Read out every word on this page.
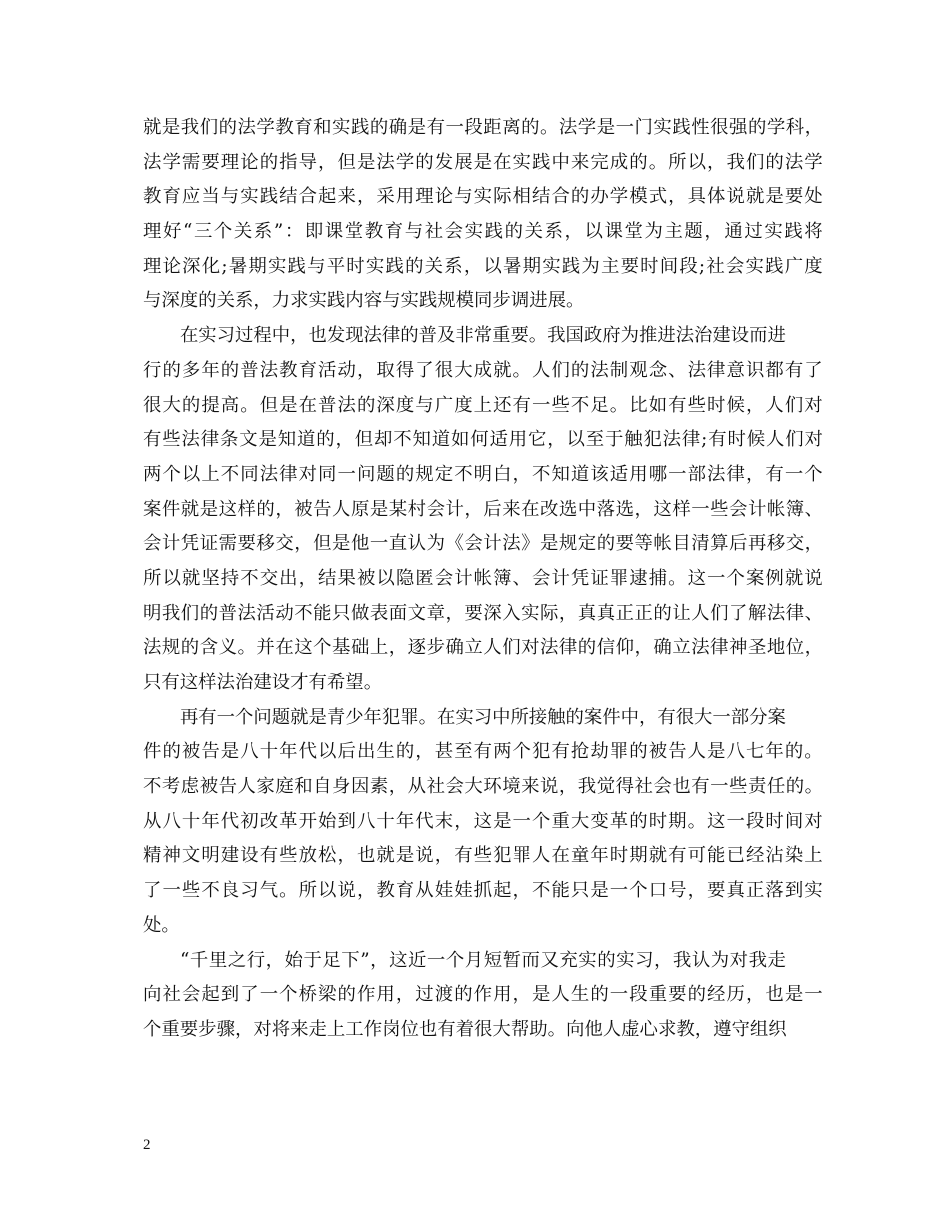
就是我们的法学教育和实践的确是有一段距离的。法学是一门实践性很强的学科，
法学需要理论的指导，但是法学的发展是在实践中来完成的。所以，我们的法学
教育应当与实践结合起来，采用理论与实际相结合的办学模式，具体说就是要处
理好“三个关系”：即课堂教育与社会实践的关系，以课堂为主题，通过实践将
理论深化;暑期实践与平时实践的关系，以暑期实践为主要时间段;社会实践广度
与深度的关系，力求实践内容与实践规模同步调进展。
在实习过程中，也发现法律的普及非常重要。我国政府为推进法治建设而进
行的多年的普法教育活动，取得了很大成就。人们的法制观念、法律意识都有了
很大的提高。但是在普法的深度与广度上还有一些不足。比如有些时候，人们对
有些法律条文是知道的，但却不知道如何适用它，以至于触犯法律;有时候人们对
两个以上不同法律对同一问题的规定不明白，不知道该适用哪一部法律，有一个
案件就是这样的，被告人原是某村会计，后来在改选中落选，这样一些会计帐簿、
会计凭证需要移交，但是他一直认为《会计法》是规定的要等帐目清算后再移交，
所以就坚持不交出，结果被以隐匿会计帐簿、会计凭证罪逮捕。这一个案例就说
明我们的普法活动不能只做表面文章，要深入实际，真真正正的让人们了解法律、
法规的含义。并在这个基础上，逐步确立人们对法律的信仰，确立法律神圣地位，
只有这样法治建设才有希望。
再有一个问题就是青少年犯罪。在实习中所接触的案件中，有很大一部分案
件的被告是八十年代以后出生的，甚至有两个犯有抢劫罪的被告人是八七年的。
不考虑被告人家庭和自身因素，从社会大环境来说，我觉得社会也有一些责任的。
从八十年代初改革开始到八十年代末，这是一个重大变革的时期。这一段时间对
精神文明建设有些放松，也就是说，有些犯罪人在童年时期就有可能已经沾染上
了一些不良习气。所以说，教育从娃娃抓起，不能只是一个口号，要真正落到实
处。
“千里之行，始于足下”，这近一个月短暂而又充实的实习，我认为对我走
向社会起到了一个桥梁的作用，过渡的作用，是人生的一段重要的经历，也是一
个重要步骤，对将来走上工作岗位也有着很大帮助。向他人虚心求教，遵守组织
2
